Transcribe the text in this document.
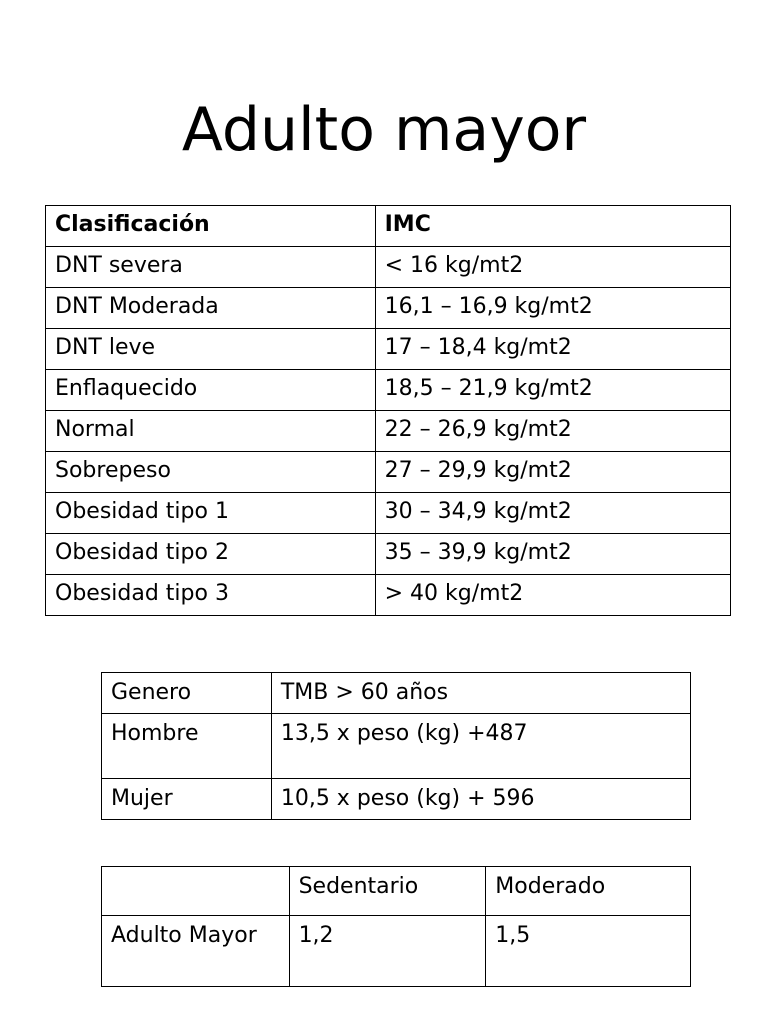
Adulto mayor
Clasificación	IMC
DNT severa	< 16 kg/mt2
DNT Moderada	16,1 – 16,9 kg/mt2
DNT leve	17 – 18,4 kg/mt2
Enflaquecido	18,5 – 21,9 kg/mt2
Normal	22 – 26,9 kg/mt2
Sobrepeso	27 – 29,9 kg/mt2
Obesidad tipo 1	30 – 34,9 kg/mt2
Obesidad tipo 2	35 – 39,9 kg/mt2
Obesidad tipo 3	> 40 kg/mt2
Genero	TMB > 60 años
Hombre	13,5 x peso (kg) +487
Mujer	10,5 x peso (kg) + 596
	Sedentario	Moderado
Adulto Mayor	1,2	1,5
